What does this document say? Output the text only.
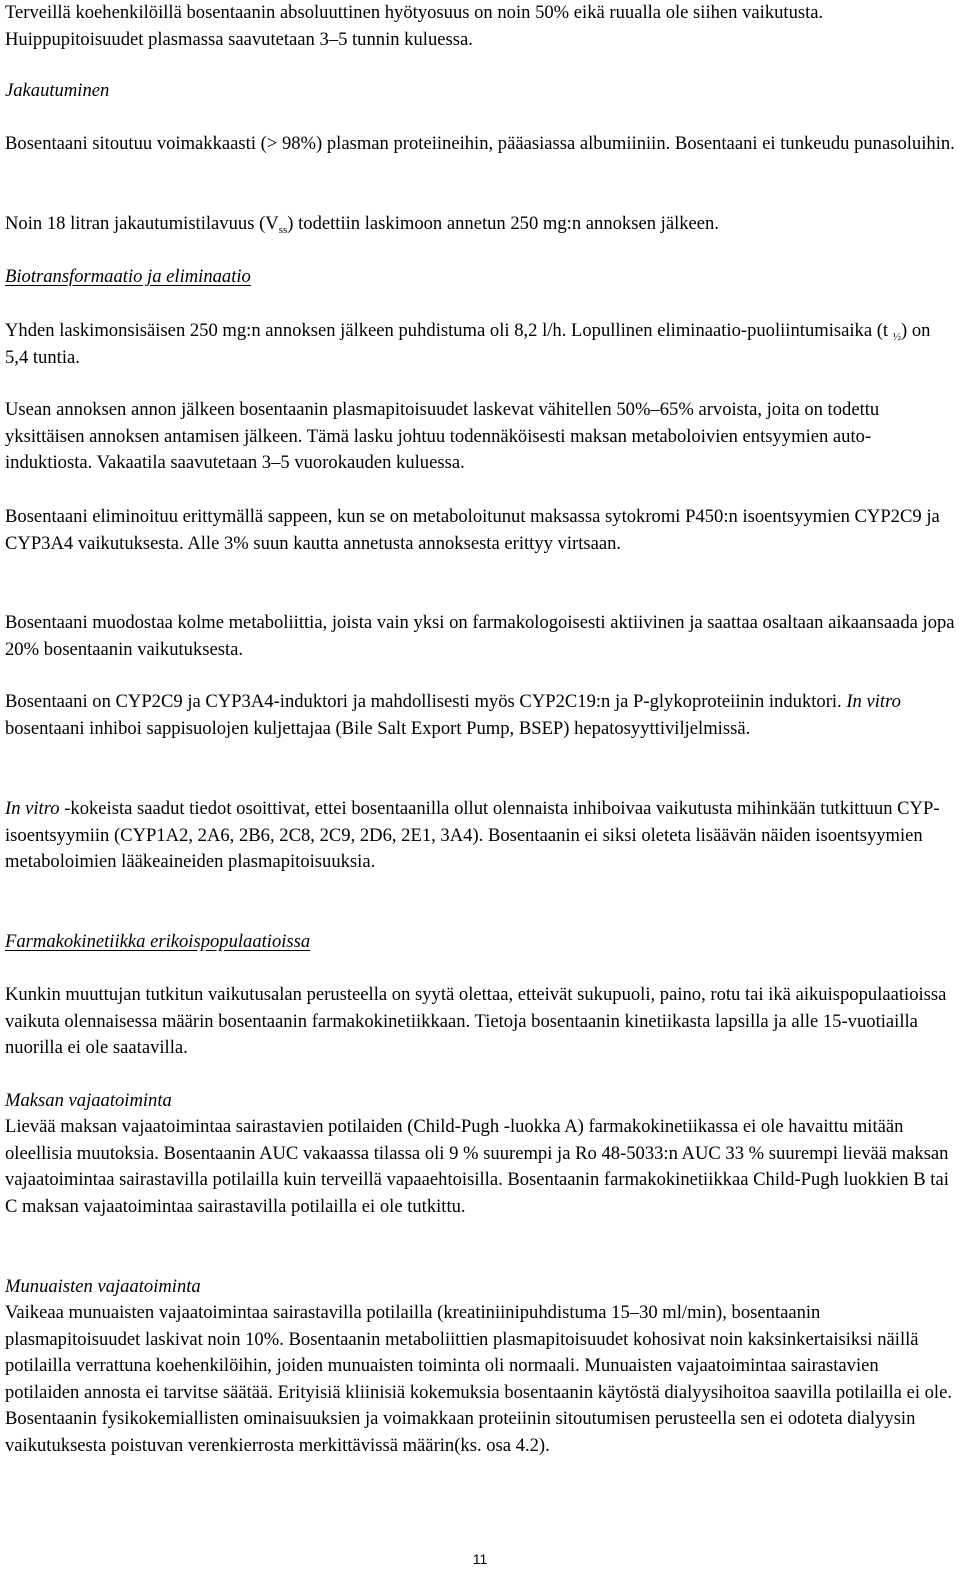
Terveillä koehenkilöillä bosentaanin absoluuttinen hyötyosuus on noin 50% eikä ruualla ole siihen vaikutusta. Huippupitoisuudet plasmassa saavutetaan 3–5 tunnin kuluessa.

Jakautuminen

Bosentaani sitoutuu voimakkaasti (> 98%) plasman proteiineihin, pääasiassa albumiiniin. Bosentaani ei tunkeudu punasoluihin.

Noin 18 litran jakautumistilavuus $(V_{ss})$ todettiin laskimoon annetun 250 mg:n annoksen jälkeen.

Biotransformaatio ja eliminaatio

Yhden laskimonsisäisen 250 mg:n annoksen jälkeen puhdistuma oli 8,2 l/h. Lopullinen eliminaatio-puoliintumisaika (t $_{\frac{1}{2}}$) on 5,4 tuntia.

Usean annoksen annon jälkeen bosentaanin plasmapitoisuudet laskevat vähitellen 50%–65% arvoista, joita on todettu yksittäisen annoksen antamisen jälkeen. Tämä lasku johtuu todennäköisesti maksan metaboloivien entsyymien auto-induktiosta. Vakaatila saavutetaan 3–5 vuorokauden kuluessa.

Bosentaani eliminoituu erittymällä sappeen, kun se on metaboloitunut maksassa sytokromi P450:n isoentsyymien CYP2C9 ja CYP3A4 vaikutuksesta. Alle 3% suun kautta annetusta annoksesta erittyy virtsaan.

Bosentaani muodostaa kolme metaboliittia, joista vain yksi on farmakologoisesti aktiivinen ja saattaa osaltaan aikaansaada jopa 20% bosentaanin vaikutuksesta.

Bosentaani on CYP2C9 ja CYP3A4-induktori ja mahdollisesti myös CYP2C19:n ja P-glykoproteiinin induktori. In vitro bosentaani inhiboi sappisuolojen kuljettajaa (Bile Salt Export Pump, BSEP) hepatosyyttiviljelmissä.

In vitro -kokeista saadut tiedot osoittivat, ettei bosentaanilla ollut olennaista inhiboivaa vaikutusta mihinkään tutkittuun CYP-isoentsyymiin (CYP1A2, 2A6, 2B6, 2C8, 2C9, 2D6, 2E1, 3A4). Bosentaanin ei siksi oleteta lisäävän näiden isoentsyymien metaboloimien lääkeaineiden plasmapitoisuuksia.

Farmakokinetiikka erikoispopulaatioissa

Kunkin muuttujan tutkitun vaikutusalan perusteella on syytä olettaa, etteivät sukupuoli, paino, rotu tai ikä aikuispopulaatioissa vaikuta olennaisessa määrin bosentaanin farmakokinetiikkaan. Tietoja bosentaanin kinetiikasta lapsilla ja alle 15-vuotiailla nuorilla ei ole saatavilla.

Maksan vajaatoiminta

Lievää maksan vajaatoimintaa sairastavien potilaiden (Child-Pugh -luokka A) farmakokinetiikassa ei ole havaittu mitään oleellisia muutoksia. Bosentaanin AUC vakaassa tilassa oli 9 % suurempi ja Ro 48-5033:n AUC 33 % suurempi lievää maksan vajaatoimintaa sairastavilla potilailla kuin terveillä vapaaehtoisilla. Bosentaanin farmakokinetiikkaa Child-Pugh luokkien B tai C maksan vajaatoimintaa sairastavilla potilailla ei ole tutkittu.

Munuaisten vajaatoiminta

Vaikeaa munuaisten vajaatoimintaa sairastavilla potilailla (kreatiniinipuhdistuma 15–30 ml/min), bosentaanin plasmapitoisuudet laskivat noin 10%. Bosentaanin metaboliittien plasmapitoisuudet kohosivat noin kaksinkertaisiksi näillä potilailla verrattuna koehenkilöihin, joiden munuaisten toiminta oli normaali. Munuaisten vajaatoimintaa sairastavien potilaiden annosta ei tarvitse säätää. Erityisiä kliinisiä kokemuksia bosentaanin käytöstä dialyysihoitoa saavilla potilailla ei ole. Bosentaanin fysikokemiallisten ominaisuuksien ja voimakkaan proteiinin sitoutumisen perusteella sen ei odoteta dialyysin vaikutuksesta poistuvan verenkierrosta merkittävissä määrin(ks. osa 4.2).

11
